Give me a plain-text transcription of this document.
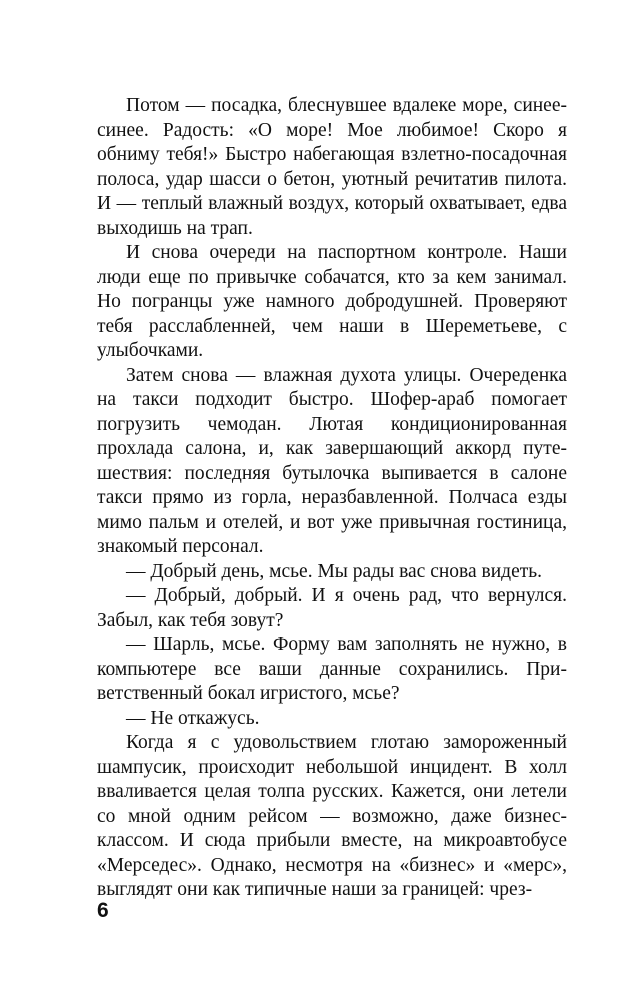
Потом — посадка, блеснувшее вдалеке море, синее-синее. Радость: «О море! Мое любимое! Скоро я обниму тебя!» Быстро набегающая взлетно-посадочная полоса, удар шасси о бетон, уютный речитатив пилота. И — теплый влажный воздух, который охватывает, едва выходишь на трап.

И снова очереди на паспортном контроле. Наши люди еще по привычке собачатся, кто за кем занимал. Но погранцы уже намного добродушней. Проверяют тебя расслабленней, чем наши в Шереметьеве, с улыбочками.

Затем снова — влажная духота улицы. Очереденка на такси подходит быстро. Шофер-араб помогает погрузить чемодан. Лютая кондиционированная прохлада салона, и, как завершающий аккорд путешествия: последняя бутылочка выпивается в салоне такси прямо из горла, неразбавленной. Полчаса езды мимо пальм и отелей, и вот уже привычная гостиница, знакомый персонал.

— Добрый день, мсье. Мы рады вас снова видеть.

— Добрый, добрый. И я очень рад, что вернулся. Забыл, как тебя зовут?

— Шарль, мсье. Форму вам заполнять не нужно, в компьютере все ваши данные сохранились. Приветственный бокал игристого, мсье?

— Не откажусь.

Когда я с удовольствием глотаю замороженный шампусик, происходит небольшой инцидент. В холл вваливается целая толпа русских. Кажется, они летели со мной одним рейсом — возможно, даже бизнес-классом. И сюда прибыли вместе, на микроавтобусе «Мерседес». Однако, несмотря на «бизнес» и «мерс», выглядят они как типичные наши за границей: чрез-

6
